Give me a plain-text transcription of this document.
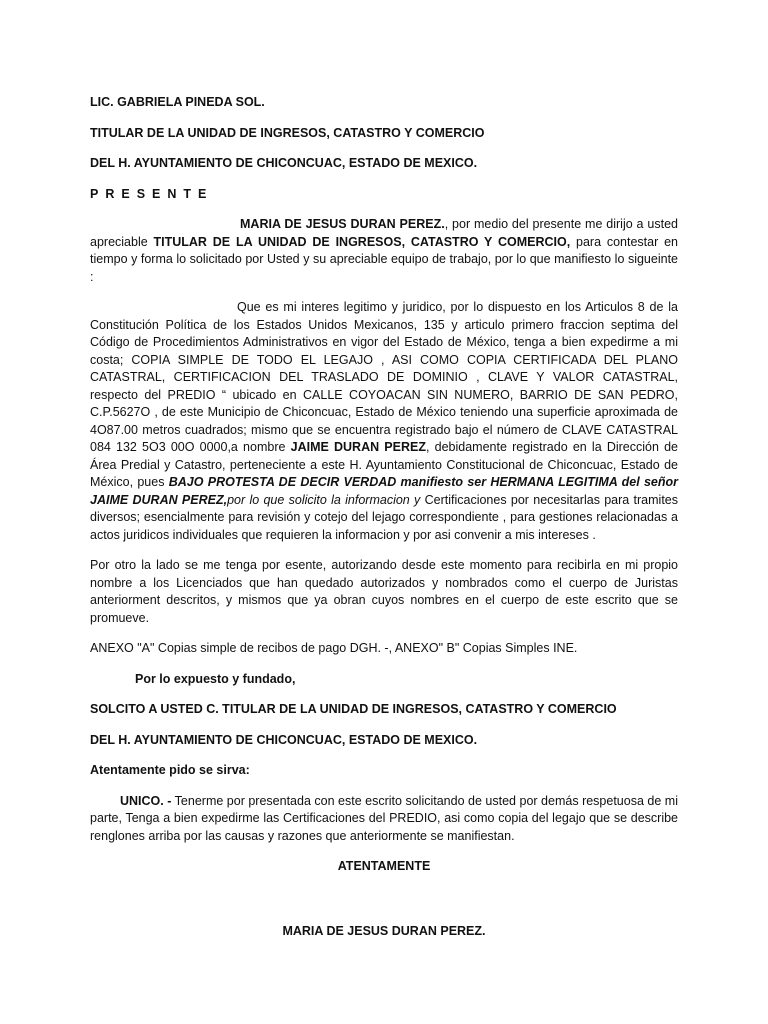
LIC. GABRIELA PINEDA SOL.

TITULAR DE LA UNIDAD DE INGRESOS, CATASTRO Y COMERCIO

DEL H. AYUNTAMIENTO DE CHICONCUAC, ESTADO DE MEXICO.

PRESENTE

MARIA DE JESUS DURAN PEREZ., por medio del presente me dirijo a usted apreciable TITULAR DE LA UNIDAD DE INGRESOS, CATASTRO Y COMERCIO, para contestar en tiempo y forma lo solicitado por Usted y su apreciable equipo de trabajo, por lo que manifiesto lo sigueinte :

Que es mi interes legitimo y juridico, por lo dispuesto en los Articulos 8 de la Constitución Política de los Estados Unidos Mexicanos, 135 y articulo primero fraccion septima del Código de Procedimientos Administrativos en vigor del Estado de México, tenga a bien expedirme a mi costa; COPIA SIMPLE DE TODO EL LEGAJO , ASI COMO COPIA CERTIFICADA DEL PLANO CATASTRAL, CERTIFICACION DEL TRASLADO DE DOMINIO , CLAVE Y VALOR CATASTRAL, respecto del PREDIO “ ubicado en CALLE COYOACAN SIN NUMERO, BARRIO DE SAN PEDRO, C.P.5627O , de este Municipio de Chiconcuac, Estado de México teniendo una superficie aproximada de 4O87.00 metros cuadrados; mismo que se encuentra registrado bajo el número de CLAVE CATASTRAL 084 132 5O3 00O 0000,a nombre JAIME DURAN PEREZ, debidamente registrado en la Dirección de Área Predial y Catastro, perteneciente a este H. Ayuntamiento Constitucional de Chiconcuac, Estado de México, pues BAJO PROTESTA DE DECIR VERDAD manifiesto ser HERMANA LEGITIMA del señor JAIME DURAN PEREZ,por lo que solicito la informacion y Certificaciones por necesitarlas para tramites diversos; esencialmente para revisión y cotejo del lejago correspondiente , para gestiones relacionadas a actos juridicos individuales que requieren la informacion y por asi convenir a mis intereses .

Por otro la lado se me tenga por esente, autorizando desde este momento para recibirla en mi propio nombre a los Licenciados que han quedado autorizados y nombrados como el cuerpo de Juristas anteriorment descritos, y mismos que ya obran cuyos nombres en el cuerpo de este escrito que se promueve.

ANEXO "A" Copias simple de recibos de pago DGH. -, ANEXO" B" Copias Simples INE.

Por lo expuesto y fundado,

SOLCITO A USTED C. TITULAR DE LA UNIDAD DE INGRESOS, CATASTRO Y COMERCIO

DEL H. AYUNTAMIENTO DE CHICONCUAC, ESTADO DE MEXICO.

Atentamente pido se sirva:

UNICO. - Tenerme por presentada con este escrito solicitando de usted por demás respetuosa de mi parte, Tenga a bien expedirme las Certificaciones del PREDIO, asi como copia del legajo que se describe renglones arriba por las causas y razones que anteriormente se manifiestan.

ATENTAMENTE

MARIA DE JESUS DURAN PEREZ.
